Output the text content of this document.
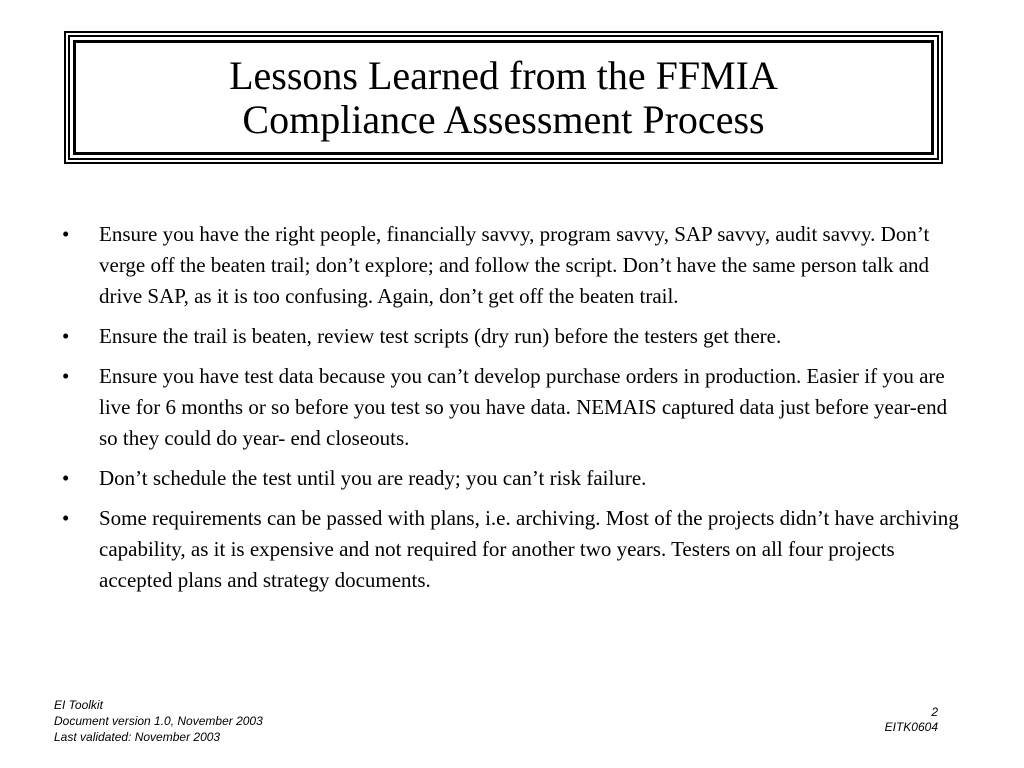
Lessons Learned from the FFMIA
Compliance Assessment Process
•	Ensure you have the right people, financially savvy, program savvy, SAP savvy, audit savvy. Don’t verge off the beaten trail; don’t explore; and follow the script. Don’t have the same person talk and drive SAP, as it is too confusing. Again, don’t get off the beaten trail.
•	Ensure the trail is beaten, review test scripts (dry run) before the testers get there.
•	Ensure you have test data because you can’t develop purchase orders in production. Easier if you are live for 6 months or so before you test so you have data. NEMAIS captured data just before year-end so they could do year- end closeouts.
•	Don’t schedule the test until you are ready; you can’t risk failure.
•	Some requirements can be passed with plans, i.e. archiving. Most of the projects didn’t have archiving capability, as it is expensive and not required for another two years. Testers on all four projects accepted plans and strategy documents.
EI Toolkit
Document version 1.0, November 2003
Last validated: November 2003
2
EITK0604
